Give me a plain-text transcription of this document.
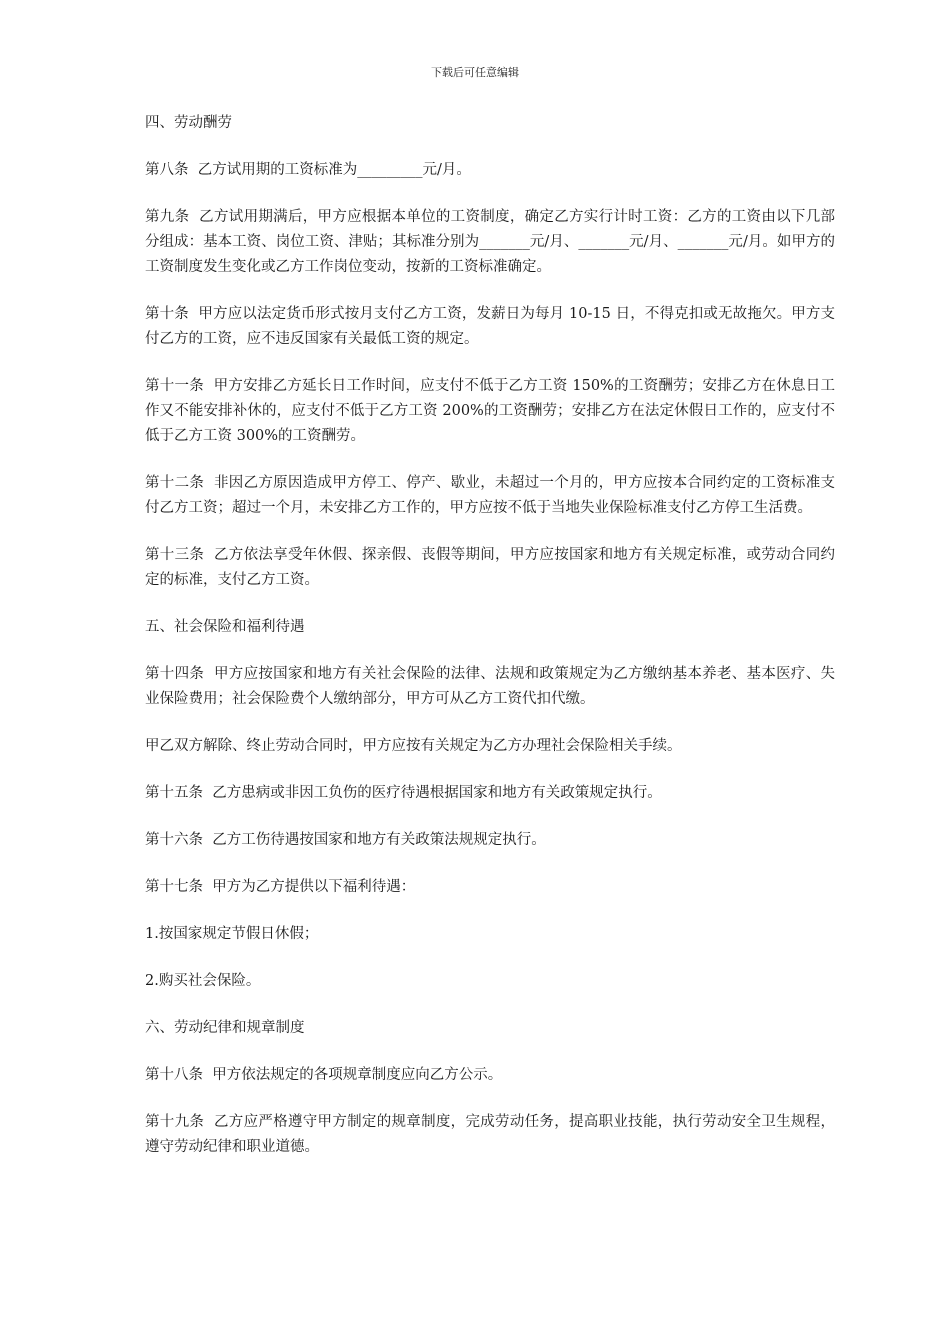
下载后可任意编辑

四、劳动酬劳

第八条  乙方试用期的工资标准为_________元/月。

第九条  乙方试用期满后，甲方应根据本单位的工资制度，确定乙方实行计时工资：乙方的工资由以下几部分组成：基本工资、岗位工资、津贴；其标准分别为_______元/月、_______元/月、_______元/月。如甲方的工资制度发生变化或乙方工作岗位变动，按新的工资标准确定。

第十条  甲方应以法定货币形式按月支付乙方工资，发薪日为每月 10-15 日，不得克扣或无故拖欠。甲方支付乙方的工资，应不违反国家有关最低工资的规定。

第十一条  甲方安排乙方延长日工作时间，应支付不低于乙方工资 150%的工资酬劳；安排乙方在休息日工作又不能安排补休的，应支付不低于乙方工资 200%的工资酬劳；安排乙方在法定休假日工作的，应支付不低于乙方工资 300%的工资酬劳。

第十二条  非因乙方原因造成甲方停工、停产、歇业，未超过一个月的，甲方应按本合同约定的工资标准支付乙方工资；超过一个月，未安排乙方工作的，甲方应按不低于当地失业保险标准支付乙方停工生活费。

第十三条  乙方依法享受年休假、探亲假、丧假等期间，甲方应按国家和地方有关规定标准，或劳动合同约定的标准，支付乙方工资。

五、社会保险和福利待遇

第十四条  甲方应按国家和地方有关社会保险的法律、法规和政策规定为乙方缴纳基本养老、基本医疗、失业保险费用；社会保险费个人缴纳部分，甲方可从乙方工资代扣代缴。

甲乙双方解除、终止劳动合同时，甲方应按有关规定为乙方办理社会保险相关手续。

第十五条  乙方患病或非因工负伤的医疗待遇根据国家和地方有关政策规定执行。

第十六条  乙方工伤待遇按国家和地方有关政策法规规定执行。

第十七条  甲方为乙方提供以下福利待遇：

1.按国家规定节假日休假；

2.购买社会保险。

六、劳动纪律和规章制度

第十八条  甲方依法规定的各项规章制度应向乙方公示。

第十九条  乙方应严格遵守甲方制定的规章制度，完成劳动任务，提高职业技能，执行劳动安全卫生规程，遵守劳动纪律和职业道德。
